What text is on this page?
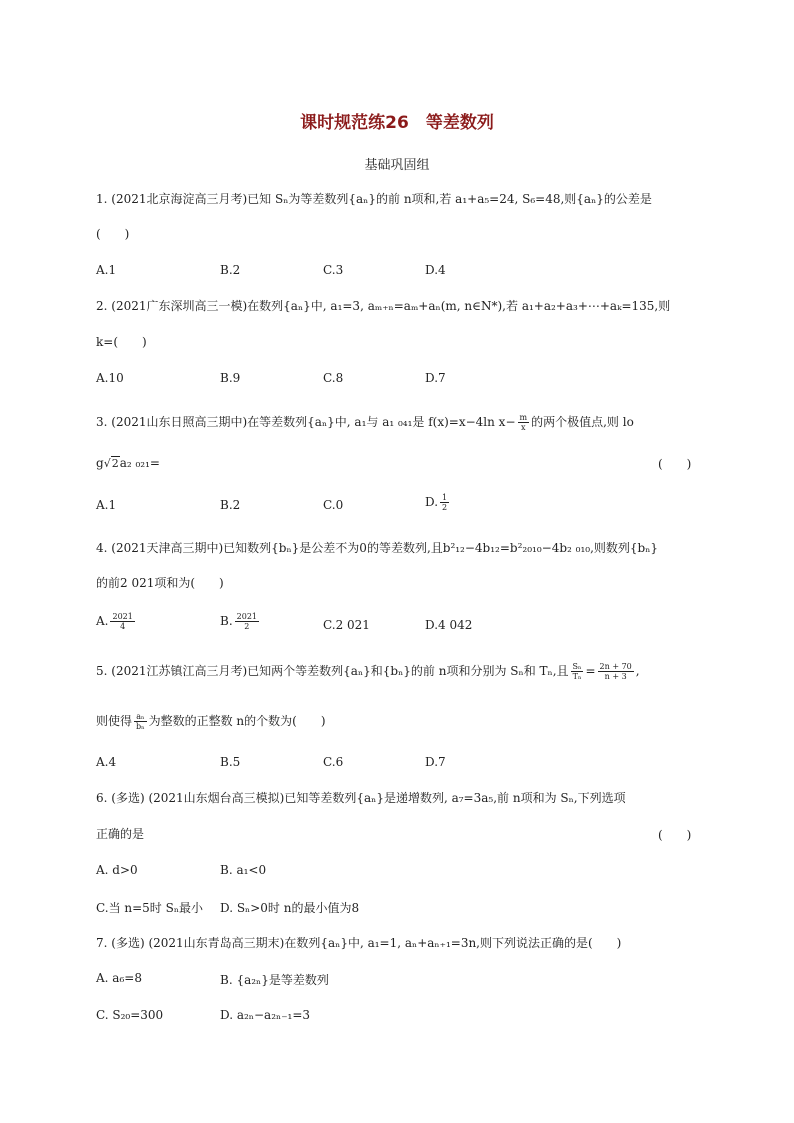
课时规范练26　等差数列
基础巩固组
1. (2021北京海淀高三月考)已知 Sₙ为等差数列{aₙ}的前 n项和,若 a₁+a₅=24, S₆=48,则{aₙ}的公差是
(　　)
A.1	B.2	C.3	D.4
2. (2021广东深圳高三一模)在数列{aₙ}中, a₁=3, aₘ₊ₙ=aₘ+aₙ(m, n∈N*),若 a₁+a₂+a₃+⋯+aₖ=135,则
k=(　　)
A.10	B.9	C.8	D.7
3. (2021山东日照高三期中)在等差数列{aₙ}中, a₁与 a₁ ₀₄₁是 f(x)=x−4ln $x- \frac{m}{x}$ 的两个极值点,则 lo
g√2a₂ ₀₂₁=	(　　)
A.1	B.2	C.0	D. $\frac{1}{2}$
4. (2021天津高三期中)已知数列{bₙ}是公差不为0的等差数列,且b²₁₂−4b₁₂=b²₂₀₁₀−4b₂ ₀₁₀,则数列{bₙ}
的前2 021项和为(　　)
A. $\frac{2021}{4}$	B. $\frac{2021}{2}$	C.2 021	D.4 042
5. (2021江苏镇江高三月考)已知两个等差数列{aₙ}和{bₙ}的前 n项和分别为 Sₙ和 Tₙ,且 $\frac{\text{Sₙ}}{\text{Tₙ}} = \frac{2n + 70}{n + 3}$ ,
则使得 $\frac{\text{aₙ}}{\text{bₙ}}$ 为整数的正整数 n的个数为(　　)
A.4	B.5	C.6	D.7
6. (多选) (2021山东烟台高三模拟)已知等差数列{aₙ}是递增数列, a₇=3a₅,前 n项和为 Sₙ,下列选项
正确的是	(　　)
A. d>0	B. a₁<0
C.当 n=5时 Sₙ最小 D. Sₙ>0时 n的最小值为8
7. (多选) (2021山东青岛高三期末)在数列{aₙ}中, a₁=1, aₙ+aₙ₊₁=3n,则下列说法正确的是(　　)
A. a₆=8	B. {a₂ₙ}是等差数列
C. S₂₀=300	D. a₂ₙ−a₂ₙ₋₁=3
